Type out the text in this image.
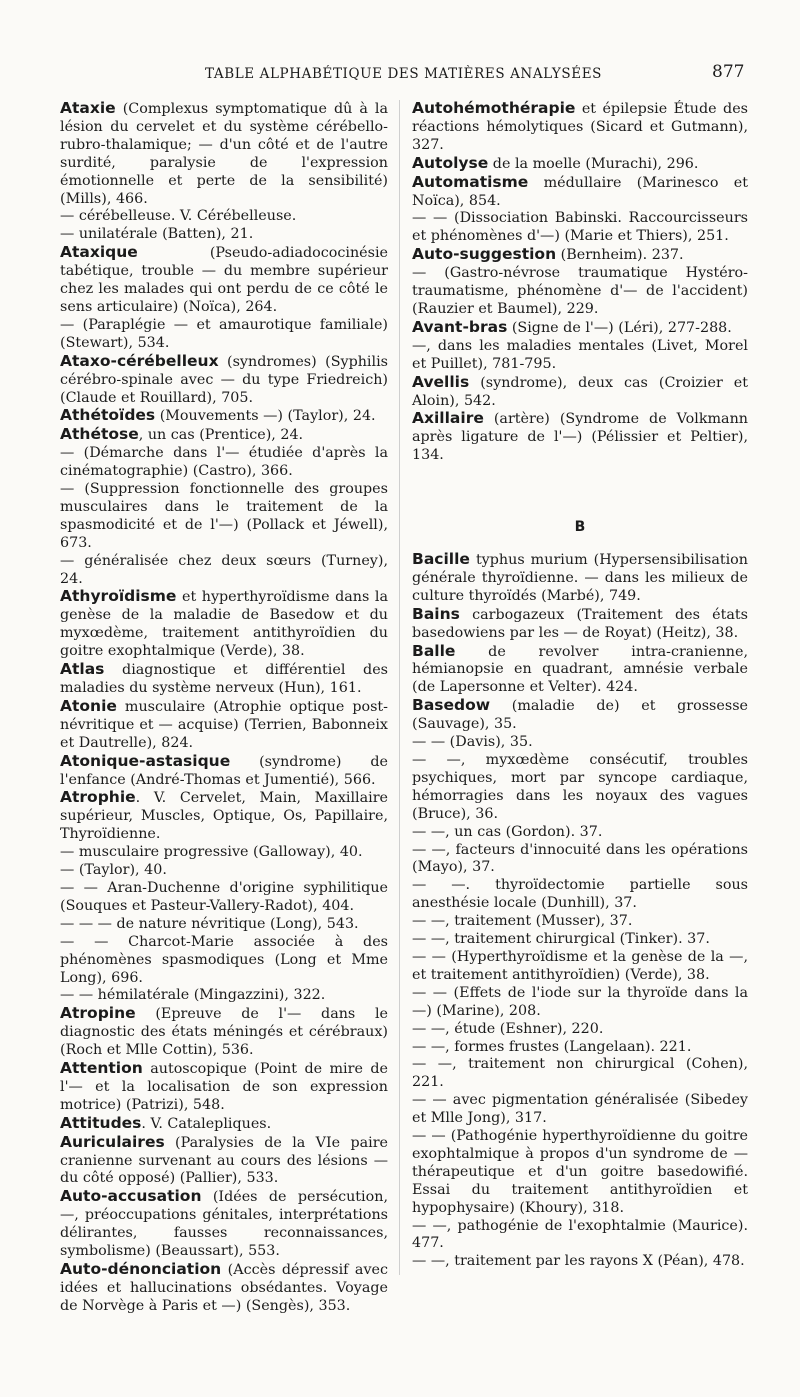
TABLE ALPHABÉTIQUE DES MATIÈRES ANALYSÉES	877

Ataxie (Complexus symptomatique dû à la lésion du cervelet et du système cérébello-rubro-thalamique; — d'un côté et de l'autre surdité, paralysie de l'expression émotionnelle et perte de la sensibilité) (Mills), 466.

— cérébelleuse. V. Cérébelleuse.

— unilatérale (Batten), 21.

Ataxique (Pseudo-adiadococinésie tabétique, trouble — du membre supérieur chez les malades qui ont perdu de ce côté le sens articulaire) (Noïca), 264.

— (Paraplégie — et amaurotique familiale) (Stewart), 534.

Ataxo-cérébelleux (syndromes) (Syphilis cérébro-spinale avec — du type Friedreich) (Claude et Rouillard), 705.

Athétoïdes (Mouvements —) (Taylor), 24.

Athétose, un cas (Prentice), 24.

— (Démarche dans l'— étudiée d'après la cinématographie) (Castro), 366.

— (Suppression fonctionnelle des groupes musculaires dans le traitement de la spasmodicité et de l'—) (Pollack et Jéwell), 673.

— généralisée chez deux sœurs (Turney), 24.

Athyroïdisme et hyperthyroïdisme dans la genèse de la maladie de Basedow et du myxœdème, traitement antithyroïdien du goitre exophtalmique (Verde), 38.

Atlas diagnostique et différentiel des maladies du système nerveux (Hun), 161.

Atonie musculaire (Atrophie optique post-névritique et — acquise) (Terrien, Babonneix et Dautrelle), 824.

Atonique-astasique (syndrome) de l'enfance (André-Thomas et Jumentié), 566.

Atrophie. V. Cervelet, Main, Maxillaire supérieur, Muscles, Optique, Os, Papillaire, Thyroïdienne.

— musculaire progressive (Galloway), 40.

— (Taylor), 40.

— — Aran-Duchenne d'origine syphilitique (Souques et Pasteur-Vallery-Radot), 404.

— — — de nature névritique (Long), 543.

— — Charcot-Marie associée à des phénomènes spasmodiques (Long et Mme Long), 696.

— — hémilatérale (Mingazzini), 322.

Atropine (Epreuve de l'— dans le diagnostic des états méningés et cérébraux) (Roch et Mlle Cottin), 536.

Attention autoscopique (Point de mire de l'— et la localisation de son expression motrice) (Patrizi), 548.

Attitudes. V. Catalepliques.

Auriculaires (Paralysies de la VIe paire cranienne survenant au cours des lésions — du côté opposé) (Pallier), 533.

Auto-accusation (Idées de persécution, —, préoccupations génitales, interprétations délirantes, fausses reconnaissances, symbolisme) (Beaussart), 553.

Auto-dénonciation (Accès dépressif avec idées et hallucinations obsédantes. Voyage de Norvège à Paris et —) (Sengès), 353.

Autohémothérapie et épilepsie Étude des réactions hémolytiques (Sicard et Gutmann), 327.

Autolyse de la moelle (Murachi), 296.

Automatisme médullaire (Marinesco et Noïca), 854.

— — (Dissociation Babinski. Raccourcisseurs et phénomènes d'—) (Marie et Thiers), 251.

Auto-suggestion (Bernheim). 237.

— (Gastro-névrose traumatique Hystéro-traumatisme, phénomène d'— de l'accident) (Rauzier et Baumel), 229.

Avant-bras (Signe de l'—) (Léri), 277-288.

—, dans les maladies mentales (Livet, Morel et Puillet), 781-795.

Avellis (syndrome), deux cas (Croizier et Aloin), 542.

Axillaire (artère) (Syndrome de Volkmann après ligature de l'—) (Pélissier et Peltier), 134.

B

Bacille typhus murium (Hypersensibilisation générale thyroïdienne. — dans les milieux de culture thyroïdés (Marbé), 749.

Bains carbogazeux (Traitement des états basedowiens par les — de Royat) (Heitz), 38.

Balle de revolver intra-cranienne, hémianopsie en quadrant, amnésie verbale (de Lapersonne et Velter). 424.

Basedow (maladie de) et grossesse (Sauvage), 35.

— — (Davis), 35.

— —, myxœdème consécutif, troubles psychiques, mort par syncope cardiaque, hémorragies dans les noyaux des vagues (Bruce), 36.

— —, un cas (Gordon). 37.

— —, facteurs d'innocuité dans les opérations (Mayo), 37.

— —. thyroïdectomie partielle sous anesthésie locale (Dunhill), 37.

— —, traitement (Musser), 37.

— —, traitement chirurgical (Tinker). 37.

— — (Hyperthyroïdisme et la genèse de la —, et traitement antithyroïdien) (Verde), 38.

— — (Effets de l'iode sur la thyroïde dans la —) (Marine), 208.

— —, étude (Eshner), 220.

— —, formes frustes (Langelaan). 221.

— —, traitement non chirurgical (Cohen), 221.

— — avec pigmentation généralisée (Sibedey et Mlle Jong), 317.

— — (Pathogénie hyperthyroïdienne du goitre exophtalmique à propos d'un syndrome de — thérapeutique et d'un goitre basedowifié. Essai du traitement antithyroïdien et hypophysaire) (Khoury), 318.

— —, pathogénie de l'exophtalmie (Maurice). 477.

— —, traitement par les rayons X (Péan), 478.
